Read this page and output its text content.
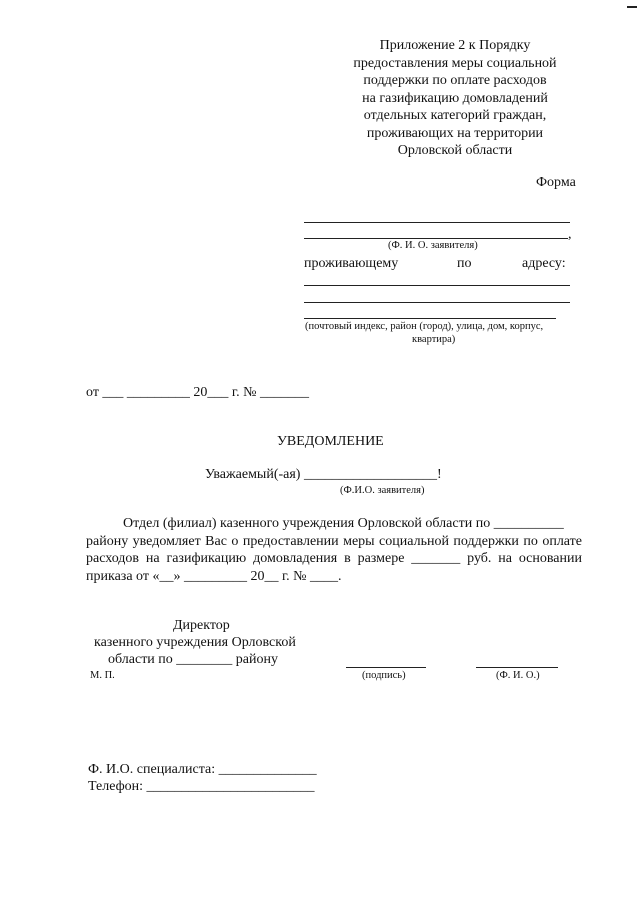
Приложение 2 к Порядку
предоставления меры социальной
поддержки по оплате расходов
на газификацию домовладений
отдельных категорий граждан,
проживающих на территории
Орловской области
Форма
,
(Ф. И. О. заявителя)
проживающему	по	адресу:
(почтовый индекс, район (город), улица, дом, корпус,
квартира)
от ___ _________ 20___ г. № _______
УВЕДОМЛЕНИЕ
Уважаемый(-ая) ___________________!
(Ф.И.О. заявителя)

Отдел (филиал) казенного учреждения Орловской области по __________

району уведомляет Вас о предоставлении меры социальной поддержки по оплате

расходов на газификацию домовладения в размере _______ руб. на основании

приказа от «__» _________ 20__ г. № ____.

Директор
казенного учреждения Орловской
области по ________ району
М. П.	(подпись)	(Ф. И. О.)
Ф. И.О. специалиста: ______________
Телефон: ________________________
